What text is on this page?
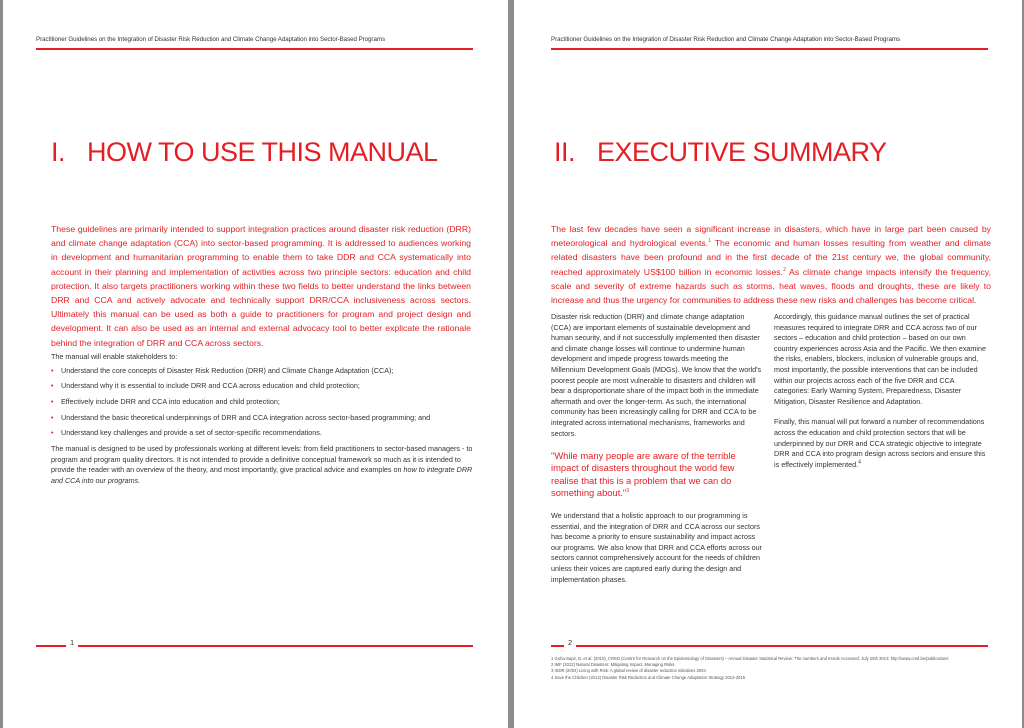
Practitioner Guidelines on the Integration of Disaster Risk Reduction and Climate Change Adaptation into Sector-Based Programs
I. HOW TO USE THIS MANUAL
These guidelines are primarily intended to support integration practices around disaster risk reduction (DRR) and climate change adaptation (CCA) into sector-based programming. It is addressed to audiences working in development and humanitarian programming to enable them to take DDR and CCA systematically into account in their planning and implementation of activities across two principle sectors: education and child protection. It also targets practitioners working within these two fields to better understand the links between DRR and CCA and actively advocate and technically support DRR/CCA inclusiveness across sectors. Ultimately this manual can be used as both a guide to practitioners for program and project design and development. It can also be used as an internal and external advocacy tool to better explicate the rationale behind the integration of DRR and CCA across sectors.

The manual will enable stakeholders to:

• Understand the core concepts of Disaster Risk Reduction (DRR) and Climate Change Adaptation (CCA);
• Understand why it is essential to include DRR and CCA across education and child protection;
• Effectively include DRR and CCA into education and child protection;
• Understand the basic theoretical underpinnings of DRR and CCA integration across sector-based programming; and
• Understand key challenges and provide a set of sector-specific recommendations.

The manual is designed to be used by professionals working at different levels: from field practitioners to sector-based managers - to program and program quality directors. It is not intended to provide a definitive conceptual framework so much as it is intended to provide the reader with an overview of the theory, and most importantly, give practical advice and examples on how to integrate DRR and CCA into our programs.

1
Practitioner Guidelines on the Integration of Disaster Risk Reduction and Climate Change Adaptation into Sector-Based Programs
II. EXECUTIVE SUMMARY
The last few decades have seen a significant increase in disasters, which have in large part been caused by meteorological and hydrological events.$^1$ The economic and human losses resulting from weather and climate related disasters have been profound and in the first decade of the 21st century we, the global community, reached approximately US$100 billion in economic losses.$^2$ As climate change impacts intensify the frequency, scale and severity of extreme hazards such as storms, heat waves, floods and droughts, these are likely to increase and thus the urgency for communities to address these new risks and challenges has become critical.

Disaster risk reduction (DRR) and climate change adaptation (CCA) are important elements of sustainable development and human security, and if not successfully implemented then disaster and climate change losses will continue to undermine human development and impede progress towards meeting the Millennium Development Goals (MDGs). We know that the world's poorest people are most vulnerable to disasters and children will bear a disproportionate share of the impact both in the immediate aftermath and over the longer-term. As such, the international community has been increasingly calling for DRR and CCA to be integrated across international mechanisms, frameworks and sectors.

"While many people are aware of the terrible impact of disasters throughout the world few realise that this is a problem that we can do something about."$^3$

We understand that a holistic approach to our programming is essential, and the integration of DRR and CCA across our sectors has become a priority to ensure sustainability and impact across our programs. We also know that DRR and CCA efforts across our sectors cannot comprehensively account for the needs of children unless their voices are captured early during the design and implementation phases.

Accordingly, this guidance manual outlines the set of practical measures required to integrate DRR and CCA across two of our sectors – education and child protection – based on our own country experiences across Asia and the Pacific. We then examine the risks, enablers, blockers, inclusion of vulnerable groups and, most importantly, the possible interventions that can be included within our projects across each of the five DRR and CCA categories: Early Warning System, Preparedness, Disaster Mitigation, Disaster Resilience and Adaptation.

Finally, this manual will put forward a number of recommendations across the education and child protection sectors that will be underpinned by our DRR and CCA strategic objective to integrate DRR and CCA into program design across sectors and ensure this is effectively implemented.$^4$

2
1 Guha-Sapir, D. et al. (2010), CRED (Centre for Research on the Epidemiology of Disasters) – Annual Disaster Statistical Review: The numbers and trends Accessed: July 25th 2013: http://www.cred.be/publications
2 IMF (2012) Natural Disasters: Mitigating Impact, Managing Risks.
3 ISDR (2004) Living with Risk: A global review of disaster reduction initiatives 2004
4 Save the Children (2012) Disaster Risk Reduction and Climate Change Adaptation Strategy 2012-2015
